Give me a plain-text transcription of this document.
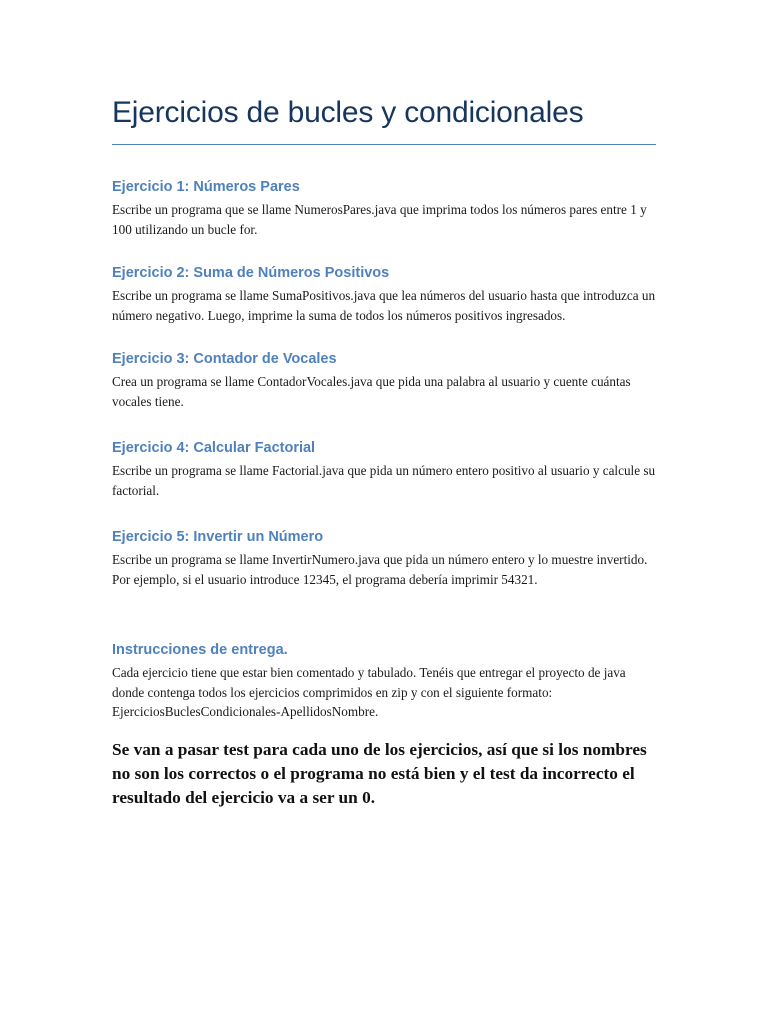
Ejercicios de bucles y condicionales
Ejercicio 1: Números Pares

Escribe un programa que se llame NumerosPares.java que imprima todos los números pares entre 1 y 100 utilizando un bucle for.

Ejercicio 2: Suma de Números Positivos

Escribe un programa se llame SumaPositivos.java que lea números del usuario hasta que introduzca un número negativo. Luego, imprime la suma de todos los números positivos ingresados.

Ejercicio 3: Contador de Vocales

Crea un programa se llame ContadorVocales.java que pida una palabra al usuario y cuente cuántas vocales tiene.

Ejercicio 4: Calcular Factorial

Escribe un programa se llame Factorial.java que pida un número entero positivo al usuario y calcule su factorial.

Ejercicio 5: Invertir un Número

Escribe un programa se llame InvertirNumero.java que pida un número entero y lo muestre invertido. Por ejemplo, si el usuario introduce 12345, el programa debería imprimir 54321.

Instrucciones de entrega.

Cada ejercicio tiene que estar bien comentado y tabulado. Tenéis que entregar el proyecto de java donde contenga todos los ejercicios comprimidos en zip y con el siguiente formato: EjerciciosBuclesCondicionales-ApellidosNombre.

Se van a pasar test para cada uno de los ejercicios, así que si los nombres no son los correctos o el programa no está bien y el test da incorrecto el resultado del ejercicio va a ser un 0.
